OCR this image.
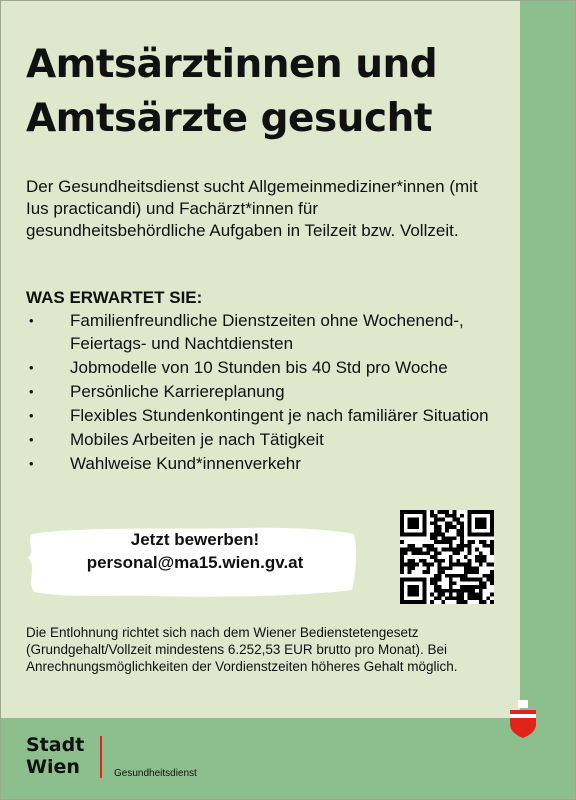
Amtsärztinnen und
Amtsärzte gesucht

Der Gesundheitsdienst sucht Allgemeinmediziner*innen (mit Ius practicandi) und Fachärzt*innen für gesundheitsbehördliche Aufgaben in Teilzeit bzw. Vollzeit.

WAS ERWARTET SIE:
• Familienfreundliche Dienstzeiten ohne Wochenend-, Feiertags- und Nachtdiensten
• Jobmodelle von 10 Stunden bis 40 Std pro Woche
• Persönliche Karriereplanung
• Flexibles Stundenkontingent je nach familiärer Situation
• Mobiles Arbeiten je nach Tätigkeit
• Wahlweise Kund*innenverkehr
Jetzt bewerben!
personal@ma15.wien.gv.at

Die Entlohnung richtet sich nach dem Wiener Bedienstetengesetz (Grundgehalt/Vollzeit mindestens 6.252,53 EUR brutto pro Monat). Bei Anrechnungsmöglichkeiten der Vordienstzeiten höheres Gehalt möglich.

Stadt
Wien	Gesundheitsdienst
